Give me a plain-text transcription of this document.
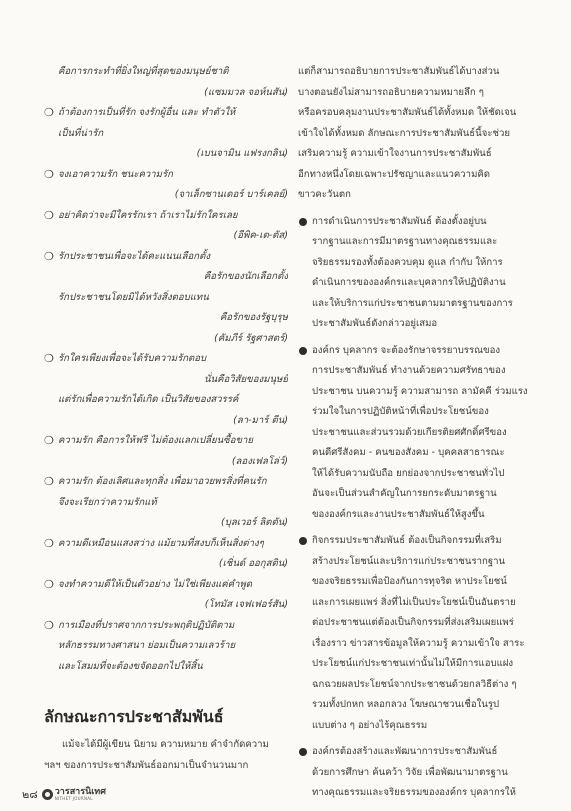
คือการกระทำที่ยิ่งใหญ่ที่สุดของมนุษย์ชาติ
(แซมมวล จอห์นสัน)
❍ ถ้าต้องการเป็นที่รัก จงรักผู้อื่น และ ทำตัวให้
เป็นที่น่ารัก
(เบนจามิน แฟรงกลิน)
❍ จงเอาความรัก ชนะความรัก
(จาเล็กซานเดอร์ บาร์เคลย์)
❍ อย่าคิดว่าจะมีใครรักเรา ถ้าเราไม่รักใครเลย
(อีพิค-เต-ตัส)
❍ รักประชาชนเพื่อจะได้คะแนนเลือกตั้ง
คือรักของนักเลือกตั้ง
รักประชาชนโดยมิได้หวังสิ่งตอบแทน
คือรักของรัฐบุรุษ
(คัมภีร์ รัฐศาสตร์)
❍ รักใครเพียงเพื่อจะได้รับความรักตอบ
นั่นคือวิสัยของมนุษย์
แต่รักเพื่อความรักได้เกิด เป็นวิสัยของสวรรค์
(ลา-มาร์ ตีน)
❍ ความรัก คือการให้ฟรี ไม่ต้องแลกเปลี่ยนซื้อขาย
(ลองเฟลโล่ว์)
❍ ความรัก ต้องเลิศและทุกสิ่ง เพื่อมาอวยพรสิ่งที่คนรัก
จึงจะเรียกว่าความรักแท้
(บุลเวอร์ ลิตตัน)
❍ ความดีเหมือนแสงสว่าง แม้ยามที่สงบก็เห็นสิ่งต่างๆ
(เชิ่นด์ ออกุสติน)
❍ จงทำความดีให้เป็นตัวอย่าง ไม่ใช่เพียงแค่คำพูด
(โทมัส เจฟเฟอร์สัน)
❍ การเมืองที่ปราศจากการประพฤติปฏิบัติตาม
หลักธรรมทางศาสนา ย่อมเป็นความเลวร้าย
และโสมมที่จะต้องขจัดออกไปให้สิ้น
ลักษณะการประชาสัมพันธ์
แม้จะได้มีผู้เขียน นิยาม ความหมาย คำจำกัดความ
ฯลฯ ของการประชาสัมพันธ์ออกมาเป็นจำนวนมาก
แต่ก็สามารถอธิบายการประชาสัมพันธ์ได้บางส่วน
บางตอนยังไม่สามารถอธิบายความหมายลึก ๆ
หรือครอบคลุมงานประชาสัมพันธ์ได้ทั้งหมด ให้ชัดเจน
เข้าใจได้ทั้งหมด ลักษณะการประชาสัมพันธ์นี้จะช่วย
เสริมความรู้ ความเข้าใจงานการประชาสัมพันธ์
อีกทางหนึ่งโดยเฉพาะปรัชญาและแนวความคิด
ขาวคะวันตก
การดำเนินการประชาสัมพันธ์ ต้องตั้งอยู่บน
รากฐานและการมีมาตรฐานทางคุณธรรมและ
จริยธรรมรองทั้งต้องควบคุม ดูแล กำกับ ให้การ
ดำเนินการขององค์กรและบุคลากรให้ปฏิบัติงาน
และให้บริการแก่ประชาชนตามมาตรฐานของการ
ประชาสัมพันธ์ดังกล่าวอยู่เสมอ
องค์กร บุคลากร จะต้องรักษาจรรยาบรรณของ
การประชาสัมพันธ์ ทำงานด้วยความศรัทธาของ
ประชาชน บนความรู้ ความสามารถ ลามัคคี ร่วมแรง
ร่วมใจในการปฏิบัติหน้าที่เพื่อประโยชน์ของ
ประชาชนและส่วนรวมด้วยเกียรติยศศักดิ์ศรีของ
คนดีศรีสังคม - คนของสังคม - บุคคลสาธารณะ
ให้ได้รับความนับถือ ยกย่องจากประชาชนทั่วไป
อันจะเป็นส่วนสำคัญในการยกระดับมาตรฐาน
ขององค์กรและงานประชาสัมพันธ์ให้สูงขึ้น
กิจกรรมประชาสัมพันธ์ ต้องเป็นกิจกรรมที่เสริม
สร้างประโยชน์และบริการแก่ประชาชนรากฐาน
ของจริยธรรมเพื่อป้องกันการทุจริต หาประโยชน์
และการเผยแพร่ สิ่งที่ไม่เป็นประโยชน์เป็นอันตราย
ต่อประชาชนแต่ต้องเป็นกิจกรรมที่ส่งเสริมเผยแพร่
เรื่องราว ข่าวสารข้อมูลให้ความรู้ ความเข้าใจ สาระ
ประโยชน์แก่ประชาชนเท่านั้นไม่ให้มีการแอบแฝง
ฉกฉวยผลประโยชน์จากประชาชนด้วยกลวิธีต่าง ๆ
รวมทั้งปกหก หลอกลวง โฆษณาชวนเชื่อในรูป
แบบต่าง ๆ อย่างไร้คุณธรรม
องค์กรต้องสร้างและพัฒนาการประชาสัมพันธ์
ด้วยการศึกษา ค้นคว้า วิจัย เพื่อพัฒนามาตรฐาน
ทางคุณธรรมและจริยธรรมขององค์กร บุคลากรให้
๒๘ วารสารนิเทศ
NITHET JOURNAL
